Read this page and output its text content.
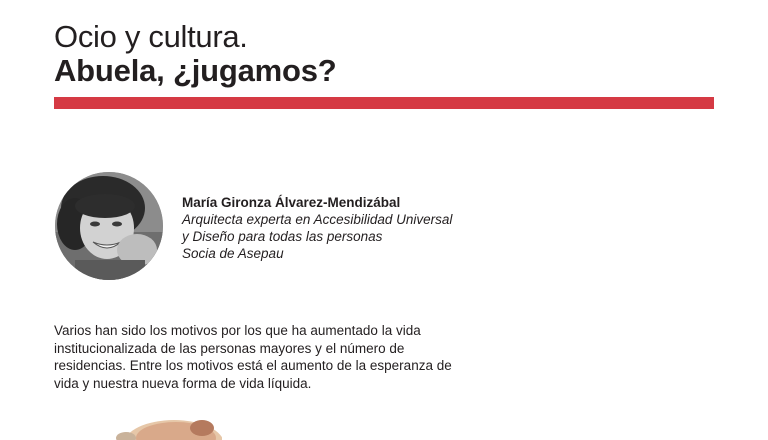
Ocio y cultura.
Abuela, ¿jugamos?
María Gironza Álvarez-Mendizábal
Arquitecta experta en Accesibilidad Universal
y Diseño para todas las personas
Socia de Asepau
Varios han sido los motivos por los que ha aumentado la vida
institucionalizada de las personas mayores y el número de
residencias. Entre los motivos está el aumento de la esperanza de
vida y nuestra nueva forma de vida líquida.
